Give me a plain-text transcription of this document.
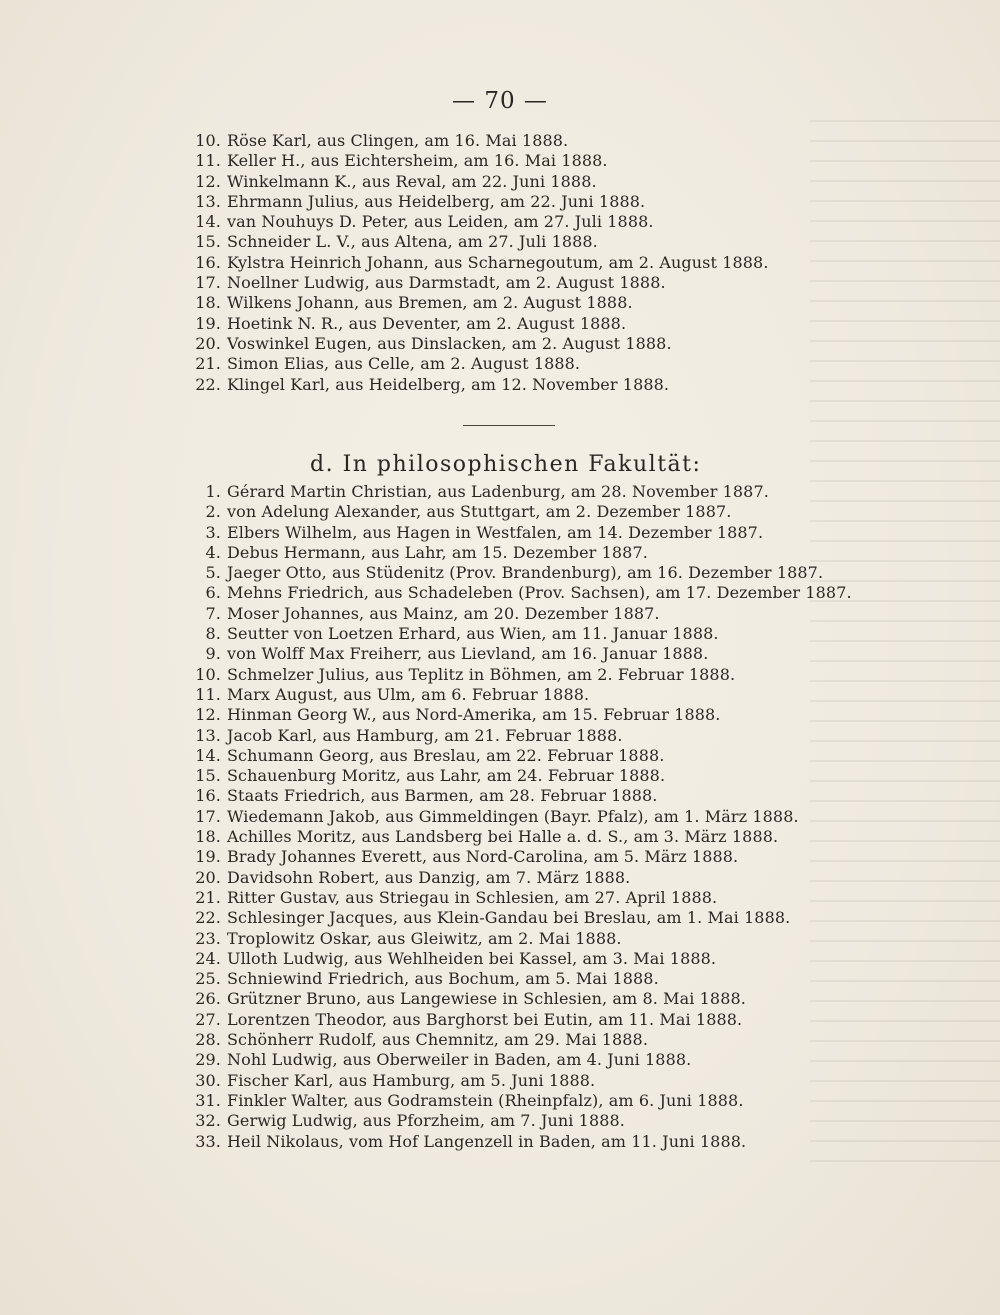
— 70 —
10. Röse Karl, aus Clingen, am 16. Mai 1888.
11. Keller H., aus Eichtersheim, am 16. Mai 1888.
12. Winkelmann K., aus Reval, am 22. Juni 1888.
13. Ehrmann Julius, aus Heidelberg, am 22. Juni 1888.
14. van Nouhuys D. Peter, aus Leiden, am 27. Juli 1888.
15. Schneider L. V., aus Altena, am 27. Juli 1888.
16. Kylstra Heinrich Johann, aus Scharnegoutum, am 2. August 1888.
17. Noellner Ludwig, aus Darmstadt, am 2. August 1888.
18. Wilkens Johann, aus Bremen, am 2. August 1888.
19. Hoetink N. R., aus Deventer, am 2. August 1888.
20. Voswinkel Eugen, aus Dinslacken, am 2. August 1888.
21. Simon Elias, aus Celle, am 2. August 1888.
22. Klingel Karl, aus Heidelberg, am 12. November 1888.
d. In philosophischen Fakultät:
1. Gérard Martin Christian, aus Ladenburg, am 28. November 1887.
2. von Adelung Alexander, aus Stuttgart, am 2. Dezember 1887.
3. Elbers Wilhelm, aus Hagen in Westfalen, am 14. Dezember 1887.
4. Debus Hermann, aus Lahr, am 15. Dezember 1887.
5. Jaeger Otto, aus Stüdenitz (Prov. Brandenburg), am 16. Dezember 1887.
6. Mehns Friedrich, aus Schadeleben (Prov. Sachsen), am 17. Dezember 1887.
7. Moser Johannes, aus Mainz, am 20. Dezember 1887.
8. Seutter von Loetzen Erhard, aus Wien, am 11. Januar 1888.
9. von Wolff Max Freiherr, aus Lievland, am 16. Januar 1888.
10. Schmelzer Julius, aus Teplitz in Böhmen, am 2. Februar 1888.
11. Marx August, aus Ulm, am 6. Februar 1888.
12. Hinman Georg W., aus Nord-Amerika, am 15. Februar 1888.
13. Jacob Karl, aus Hamburg, am 21. Februar 1888.
14. Schumann Georg, aus Breslau, am 22. Februar 1888.
15. Schauenburg Moritz, aus Lahr, am 24. Februar 1888.
16. Staats Friedrich, aus Barmen, am 28. Februar 1888.
17. Wiedemann Jakob, aus Gimmeldingen (Bayr. Pfalz), am 1. März 1888.
18. Achilles Moritz, aus Landsberg bei Halle a. d. S., am 3. März 1888.
19. Brady Johannes Everett, aus Nord-Carolina, am 5. März 1888.
20. Davidsohn Robert, aus Danzig, am 7. März 1888.
21. Ritter Gustav, aus Striegau in Schlesien, am 27. April 1888.
22. Schlesinger Jacques, aus Klein-Gandau bei Breslau, am 1. Mai 1888.
23. Troplowitz Oskar, aus Gleiwitz, am 2. Mai 1888.
24. Ulloth Ludwig, aus Wehlheiden bei Kassel, am 3. Mai 1888.
25. Schniewind Friedrich, aus Bochum, am 5. Mai 1888.
26. Grützner Bruno, aus Langewiese in Schlesien, am 8. Mai 1888.
27. Lorentzen Theodor, aus Barghorst bei Eutin, am 11. Mai 1888.
28. Schönherr Rudolf, aus Chemnitz, am 29. Mai 1888.
29. Nohl Ludwig, aus Oberweiler in Baden, am 4. Juni 1888.
30. Fischer Karl, aus Hamburg, am 5. Juni 1888.
31. Finkler Walter, aus Godramstein (Rheinpfalz), am 6. Juni 1888.
32. Gerwig Ludwig, aus Pforzheim, am 7. Juni 1888.
33. Heil Nikolaus, vom Hof Langenzell in Baden, am 11. Juni 1888.
